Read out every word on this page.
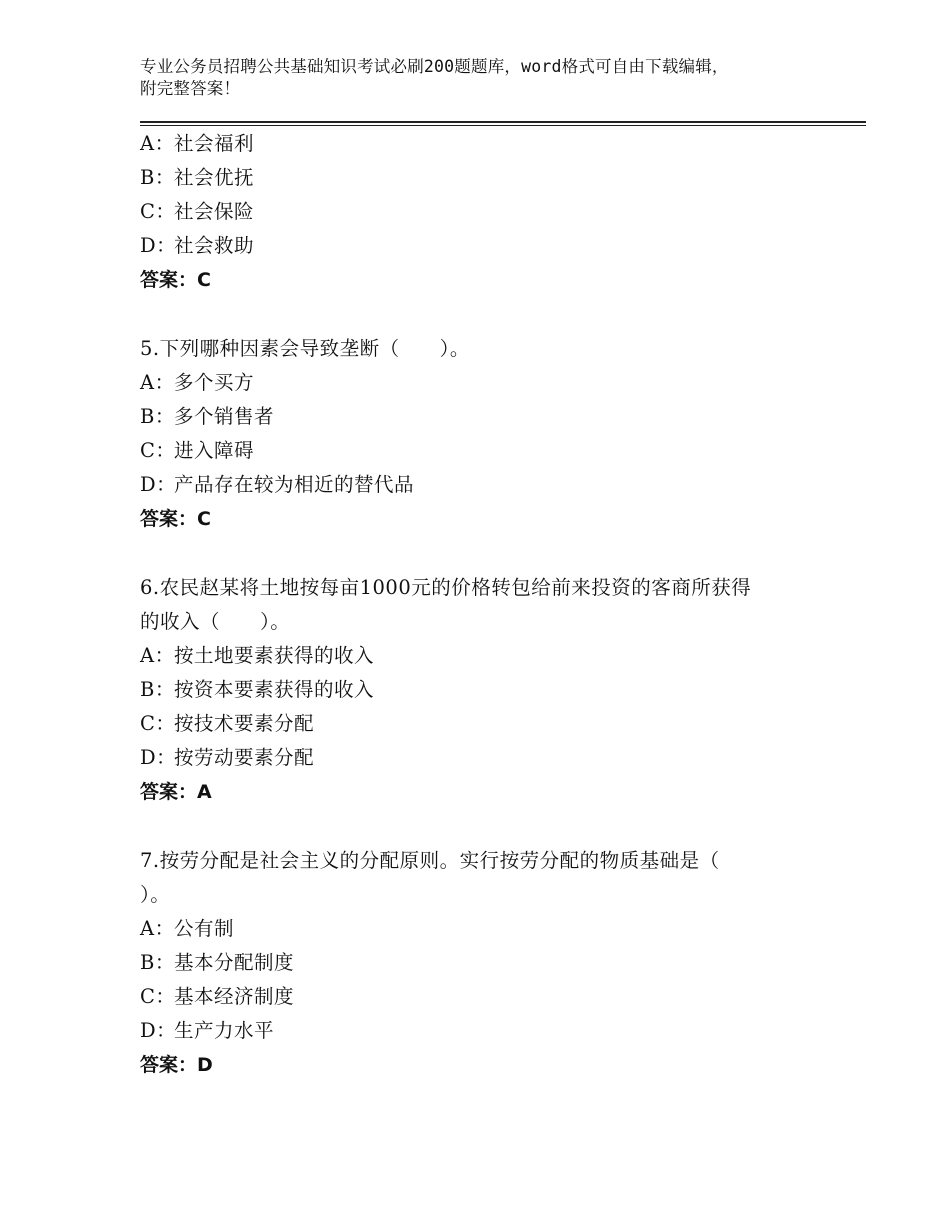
专业公务员招聘公共基础知识考试必刷200题题库，word格式可自由下载编辑，
附完整答案！
A：社会福利
B：社会优抚
C：社会保险
D：社会救助
答案：C
5.下列哪种因素会导致垄断（　　）。
A：多个买方
B：多个销售者
C：进入障碍
D：产品存在较为相近的替代品
答案：C
6.农民赵某将土地按每亩1000元的价格转包给前来投资的客商所获得
的收入（　　）。
A：按土地要素获得的收入
B：按资本要素获得的收入
C：按技术要素分配
D：按劳动要素分配
答案：A
7.按劳分配是社会主义的分配原则。实行按劳分配的物质基础是（
）。
A：公有制
B：基本分配制度
C：基本经济制度
D：生产力水平
答案：D
